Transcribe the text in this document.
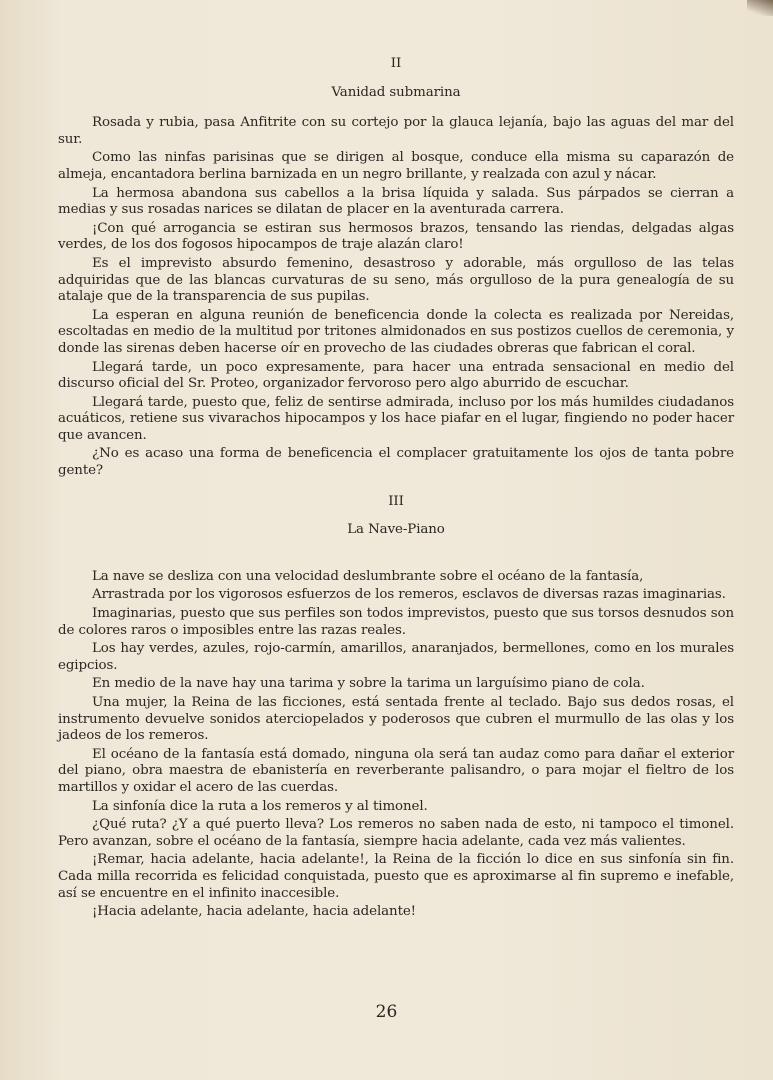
II
Vanidad submarina

Rosada y rubia, pasa Anfitrite con su cortejo por la glauca lejanía, bajo las aguas del mar del sur.

Como las ninfas parisinas que se dirigen al bosque, conduce ella misma su caparazón de almeja, encantadora berlina barnizada en un negro brillante, y realzada con azul y nácar.

La hermosa abandona sus cabellos a la brisa líquida y salada. Sus párpados se cierran a medias y sus rosadas narices se dilatan de placer en la aventurada carrera.

¡Con qué arrogancia se estiran sus hermosos brazos, tensando las riendas, delgadas algas verdes, de los dos fogosos hipocampos de traje alazán claro!

Es el imprevisto absurdo femenino, desastroso y adorable, más orgulloso de las telas adquiridas que de las blancas curvaturas de su seno, más orgulloso de la pura genealogía de su atalaje que de la transparencia de sus pupilas.

La esperan en alguna reunión de beneficencia donde la colecta es realizada por Nereidas, escoltadas en medio de la multitud por tritones almidonados en sus postizos cuellos de ceremonia, y donde las sirenas deben hacerse oír en provecho de las ciudades obreras que fabrican el coral.

Llegará tarde, un poco expresamente, para hacer una entrada sensacional en medio del discurso oficial del Sr. Proteo, organizador fervoroso pero algo aburrido de escuchar.

Llegará tarde, puesto que, feliz de sentirse admirada, incluso por los más humildes ciudadanos acuáticos, retiene sus vivarachos hipocampos y los hace piafar en el lugar, fingiendo no poder hacer que avancen.

¿No es acaso una forma de beneficencia el complacer gratuitamente los ojos de tanta pobre gente?

III
La Nave-Piano

La nave se desliza con una velocidad deslumbrante sobre el océano de la fantasía,

Arrastrada por los vigorosos esfuerzos de los remeros, esclavos de diversas razas imaginarias.

Imaginarias, puesto que sus perfiles son todos imprevistos, puesto que sus torsos desnudos son de colores raros o imposibles entre las razas reales.

Los hay verdes, azules, rojo-carmín, amarillos, anaranjados, bermellones, como en los murales egipcios.

En medio de la nave hay una tarima y sobre la tarima un larguísimo piano de cola.

Una mujer, la Reina de las ficciones, está sentada frente al teclado. Bajo sus dedos rosas, el instrumento devuelve sonidos aterciopelados y poderosos que cubren el murmullo de las olas y los jadeos de los remeros.

El océano de la fantasía está domado, ninguna ola será tan audaz como para dañar el exterior del piano, obra maestra de ebanistería en reverberante palisandro, o para mojar el fieltro de los martillos y oxidar el acero de las cuerdas.

La sinfonía dice la ruta a los remeros y al timonel.

¿Qué ruta? ¿Y a qué puerto lleva? Los remeros no saben nada de esto, ni tampoco el timonel. Pero avanzan, sobre el océano de la fantasía, siempre hacia adelante, cada vez más valientes.

¡Remar, hacia adelante, hacia adelante!, la Reina de la ficción lo dice en sus sinfonía sin fin. Cada milla recorrida es felicidad conquistada, puesto que es aproximarse al fin supremo e inefable, así se encuentre en el infinito inaccesible.

¡Hacia adelante, hacia adelante, hacia adelante!

26
